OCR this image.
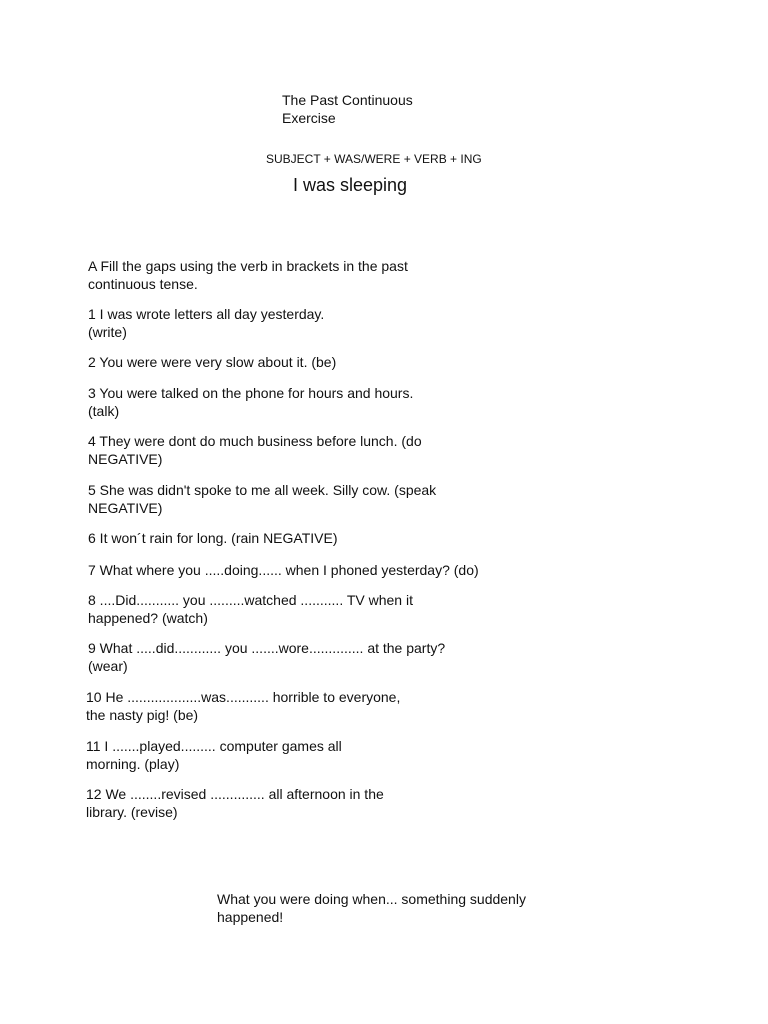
The Past Continuous
Exercise
SUBJECT + WAS/WERE + VERB + ING
I was sleeping
A Fill the gaps using the verb in brackets in the past
continuous tense.
1 I was wrote letters all day yesterday.
(write)
2 You were were very slow about it. (be)
3 You were talked on the phone for hours and hours.
(talk)
4 They were dont do much business before lunch. (do
NEGATIVE)
5 She was didn't spoke to me all week. Silly cow. (speak
NEGATIVE)
6 It won´t rain for long. (rain NEGATIVE)
7 What where you .....doing...... when I phoned yesterday? (do)
8 ....Did........... you .........watched ........... TV when it
happened? (watch)
9 What .....did............ you .......wore.............. at the party?
(wear)
10 He ...................was........... horrible to everyone,
the nasty pig! (be)
11 I .......played......... computer games all
morning. (play)
12 We ........revised .............. all afternoon in the
library. (revise)
What you were doing when... something suddenly
happened!
